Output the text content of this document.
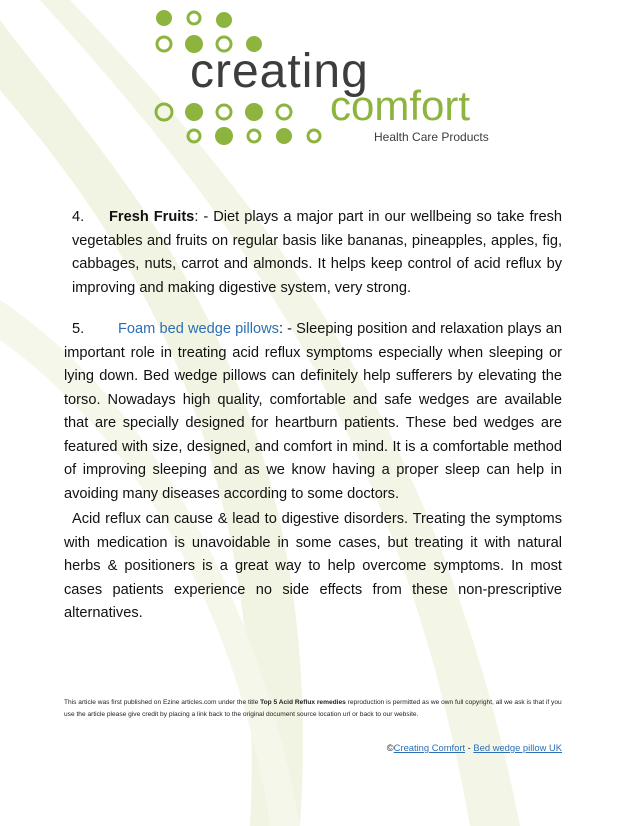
creating
comfort
Health Care Products

4. Fresh Fruits: - Diet plays a major part in our wellbeing so take fresh vegetables and fruits on regular basis like bananas, pineapples, apples, fig, cabbages, nuts, carrot and almonds. It helps keep control of acid reflux by improving and making digestive system, very strong.

5. Foam bed wedge pillows: - Sleeping position and relaxation plays an important role in treating acid reflux symptoms especially when sleeping or lying down. Bed wedge pillows can definitely help sufferers by elevating the torso. Nowadays high quality, comfortable and safe wedges are available that are specially designed for heartburn patients. These bed wedges are featured with size, designed, and comfort in mind. It is a comfortable method of improving sleeping and as we know having a proper sleep can help in avoiding many diseases according to some doctors.

Acid reflux can cause & lead to digestive disorders. Treating the symptoms with medication is unavoidable in some cases, but treating it with natural herbs & positioners is a great way to help overcome symptoms. In most cases patients experience no side effects from these non-prescriptive alternatives.

This article was first published on Ezine articles.com under the title Top 5 Acid Reflux remedies reproduction is permitted as we own full copyright, all we ask is that if you use the article please give credit by placing a link back to the original document source location url or back to our website.
©Creating Comfort - Bed wedge pillow UK
